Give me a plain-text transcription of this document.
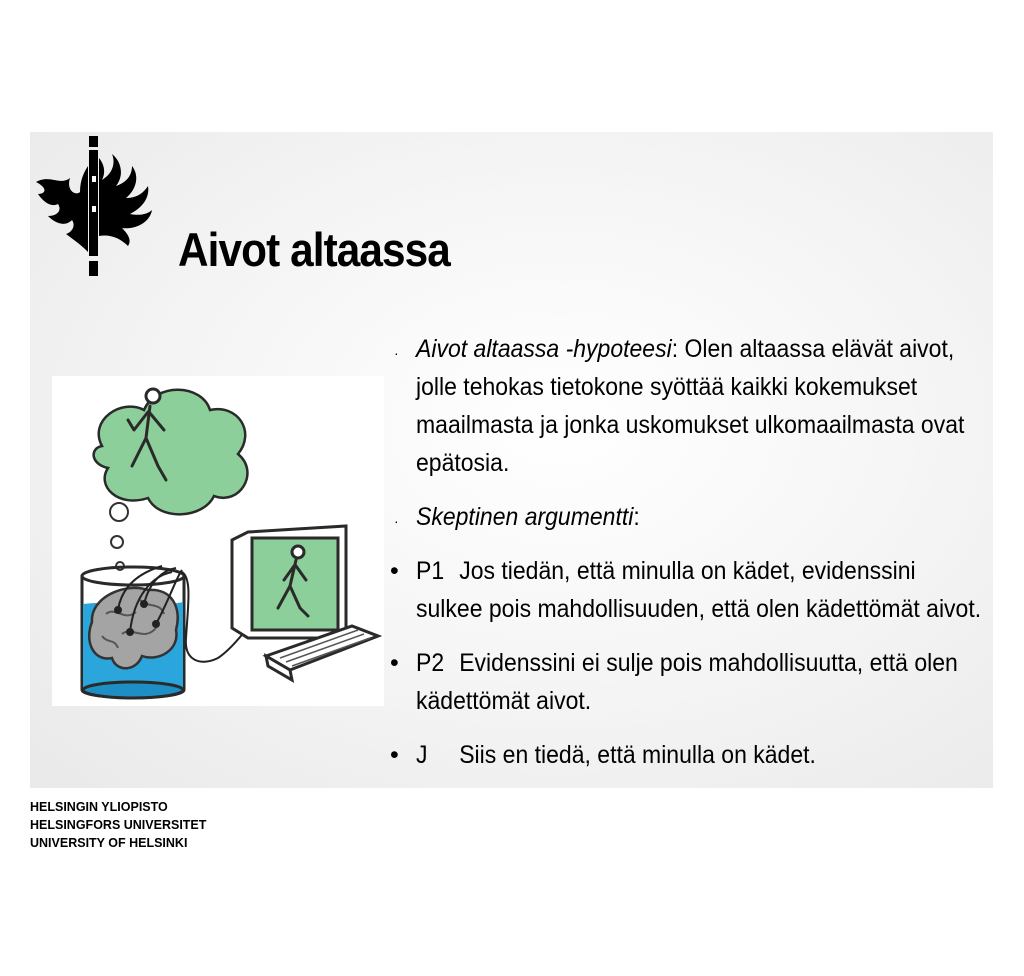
Aivot altaassa
· Aivot altaassa -hypoteesi: Olen altaassa elävät aivot, jolle tehokas tietokone syöttää kaikki kokemukset maailmasta ja jonka uskomukset ulkomaailmasta ovat epätosia.
· Skeptinen argumentti:
• P1 Jos tiedän, että minulla on kädet, evidenssini sulkee pois mahdollisuuden, että olen kädettömät aivot.
• P2 Evidenssini ei sulje pois mahdollisuutta, että olen kädettömät aivot.
• J Siis en tiedä, että minulla on kädet.
HELSINGIN YLIOPISTO
HELSINGFORS UNIVERSITET
UNIVERSITY OF HELSINKI
